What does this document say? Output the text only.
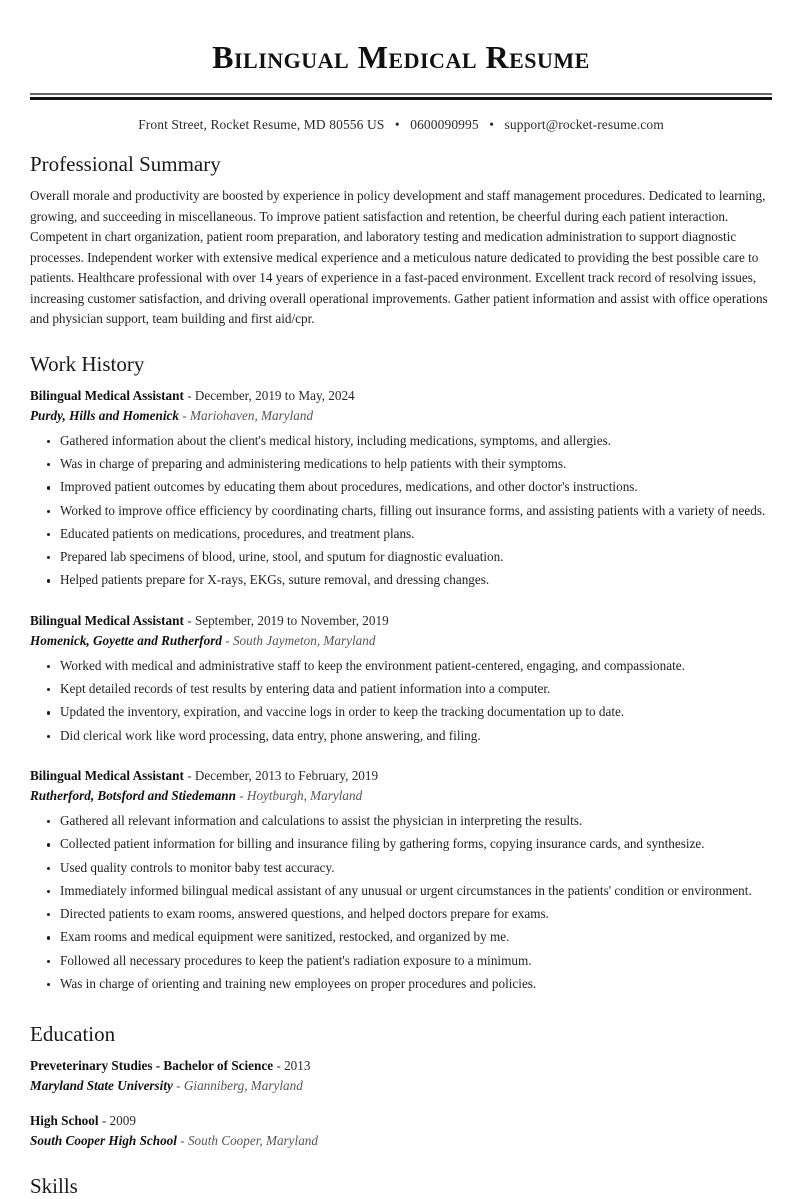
Bilingual Medical Resume
Front Street, Rocket Resume, MD 80556 US • 0600090995 • support@rocket-resume.com
Professional Summary

Overall morale and productivity are boosted by experience in policy development and staff management procedures. Dedicated to learning, growing, and succeeding in miscellaneous. To improve patient satisfaction and retention, be cheerful during each patient interaction. Competent in chart organization, patient room preparation, and laboratory testing and medication administration to support diagnostic processes. Independent worker with extensive medical experience and a meticulous nature dedicated to providing the best possible care to patients. Healthcare professional with over 14 years of experience in a fast-paced environment. Excellent track record of resolving issues, increasing customer satisfaction, and driving overall operational improvements. Gather patient information and assist with office operations and physician support, team building and first aid/cpr.

Work History
Bilingual Medical Assistant - December, 2019 to May, 2024
Purdy, Hills and Homenick - Mariohaven, Maryland
Gathered information about the client's medical history, including medications, symptoms, and allergies.
Was in charge of preparing and administering medications to help patients with their symptoms.
Improved patient outcomes by educating them about procedures, medications, and other doctor's instructions.
Worked to improve office efficiency by coordinating charts, filling out insurance forms, and assisting patients with a variety of needs.
Educated patients on medications, procedures, and treatment plans.
Prepared lab specimens of blood, urine, stool, and sputum for diagnostic evaluation.
Helped patients prepare for X-rays, EKGs, suture removal, and dressing changes.
Bilingual Medical Assistant - September, 2019 to November, 2019
Homenick, Goyette and Rutherford - South Jaymeton, Maryland
Worked with medical and administrative staff to keep the environment patient-centered, engaging, and compassionate.
Kept detailed records of test results by entering data and patient information into a computer.
Updated the inventory, expiration, and vaccine logs in order to keep the tracking documentation up to date.
Did clerical work like word processing, data entry, phone answering, and filing.
Bilingual Medical Assistant - December, 2013 to February, 2019
Rutherford, Botsford and Stiedemann - Hoytburgh, Maryland
Gathered all relevant information and calculations to assist the physician in interpreting the results.
Collected patient information for billing and insurance filing by gathering forms, copying insurance cards, and synthesize.
Used quality controls to monitor baby test accuracy.
Immediately informed bilingual medical assistant of any unusual or urgent circumstances in the patients' condition or environment.
Directed patients to exam rooms, answered questions, and helped doctors prepare for exams.
Exam rooms and medical equipment were sanitized, restocked, and organized by me.
Followed all necessary procedures to keep the patient's radiation exposure to a minimum.
Was in charge of orienting and training new employees on proper procedures and policies.
Education
Preveterinary Studies - Bachelor of Science - 2013
Maryland State University - Gianniberg, Maryland
High School - 2009
South Cooper High School - South Cooper, Maryland
Skills
